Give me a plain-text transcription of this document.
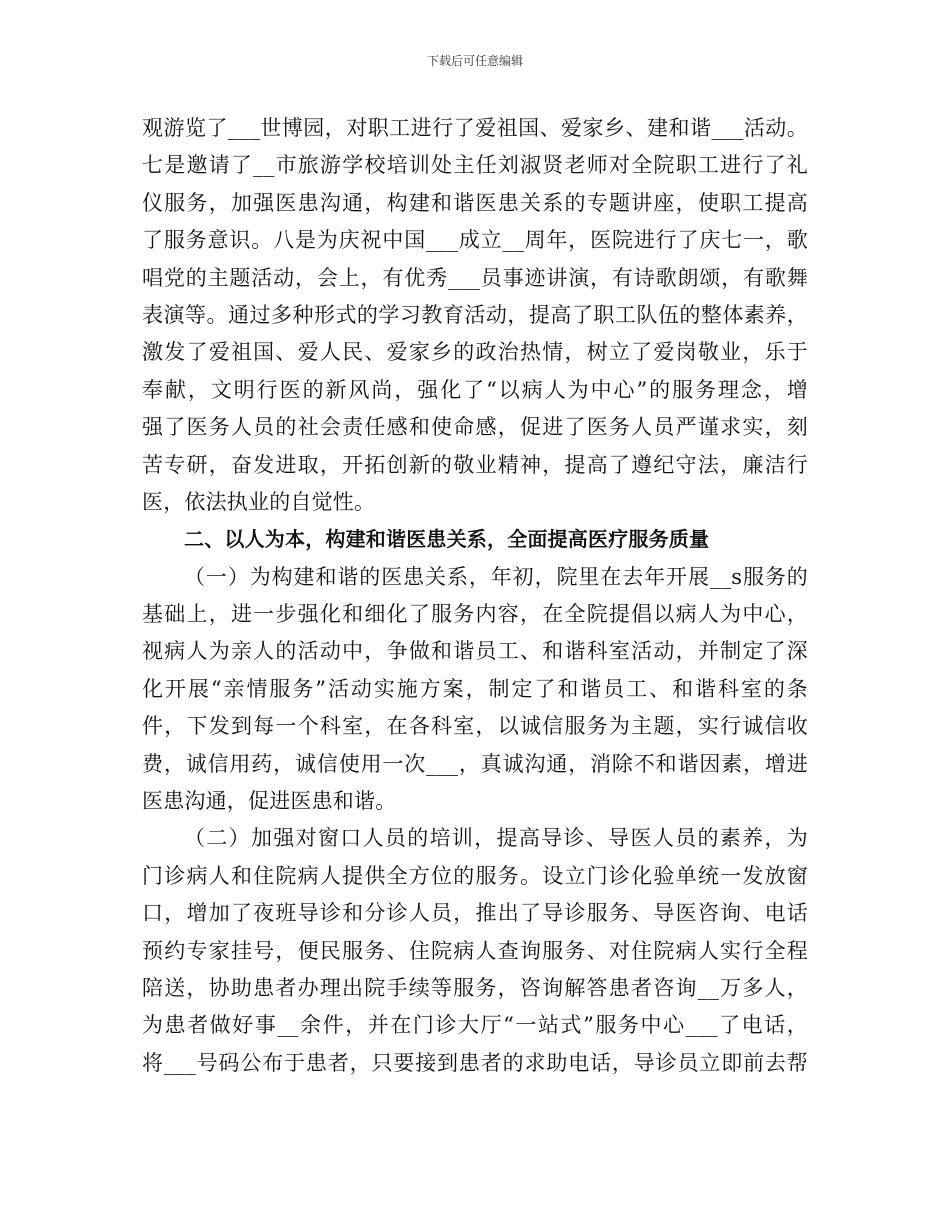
下载后可任意编辑
观游览了___世博园，对职工进行了爱祖国、爱家乡、建和谐___活动。
七是邀请了__市旅游学校培训处主任刘淑贤老师对全院职工进行了礼
仪服务，加强医患沟通，构建和谐医患关系的专题讲座，使职工提高
了服务意识。八是为庆祝中国___成立__周年，医院进行了庆七一，歌
唱党的主题活动，会上，有优秀___员事迹讲演，有诗歌朗颂，有歌舞
表演等。通过多种形式的学习教育活动，提高了职工队伍的整体素养，
激发了爱祖国、爱人民、爱家乡的政治热情，树立了爱岗敬业，乐于
奉献，文明行医的新风尚，强化了“以病人为中心”的服务理念，增
强了医务人员的社会责任感和使命感，促进了医务人员严谨求实，刻
苦专研，奋发进取，开拓创新的敬业精神，提高了遵纪守法，廉洁行
医，依法执业的自觉性。
二、以人为本，构建和谐医患关系，全面提高医疗服务质量
（一）为构建和谐的医患关系，年初，院里在去年开展__s服务的
基础上，进一步强化和细化了服务内容，在全院提倡以病人为中心，
视病人为亲人的活动中，争做和谐员工、和谐科室活动，并制定了深
化开展“亲情服务”活动实施方案，制定了和谐员工、和谐科室的条
件，下发到每一个科室，在各科室，以诚信服务为主题，实行诚信收
费，诚信用药，诚信使用一次___，真诚沟通，消除不和谐因素，增进
医患沟通，促进医患和谐。
（二）加强对窗口人员的培训，提高导诊、导医人员的素养，为
门诊病人和住院病人提供全方位的服务。设立门诊化验单统一发放窗
口，增加了夜班导诊和分诊人员，推出了导诊服务、导医咨询、电话
预约专家挂号，便民服务、住院病人查询服务、对住院病人实行全程
陪送，协助患者办理出院手续等服务，咨询解答患者咨询__万多人，
为患者做好事__余件，并在门诊大厅“一站式”服务中心___了电话，
将___号码公布于患者，只要接到患者的求助电话，导诊员立即前去帮
